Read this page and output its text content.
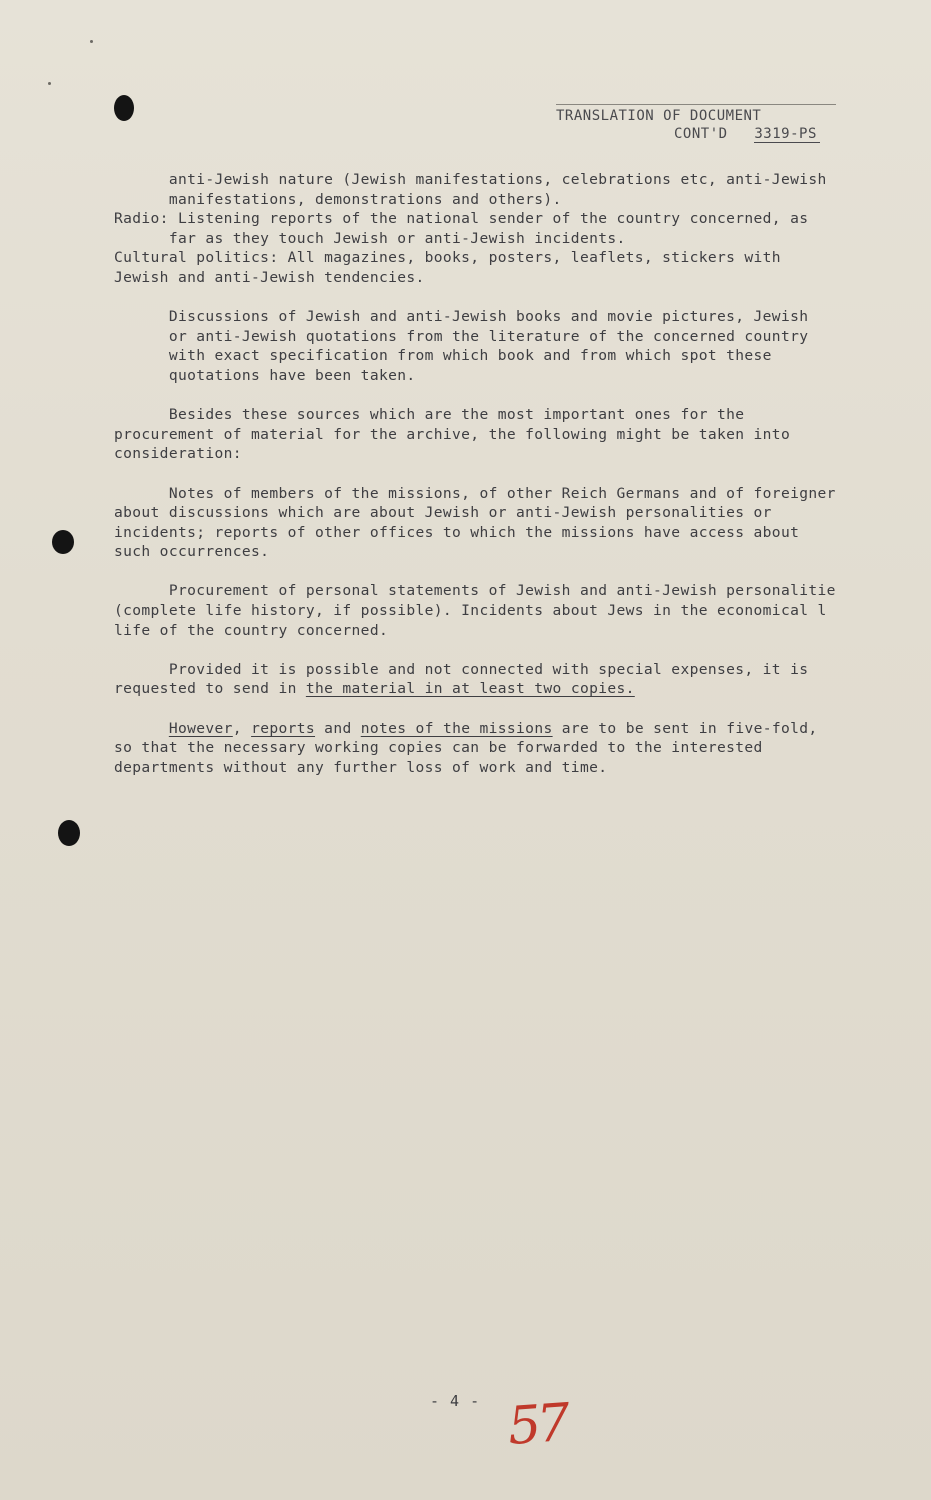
TRANSLATION OF DOCUMENT
CONT'D 3319-PS
anti-Jewish nature (Jewish manifestations, celebrations etc, anti-Jewish
manifestations, demonstrations and others).
Radio: Listening reports of the national sender of the country concerned, as
far as they touch Jewish or anti-Jewish incidents.
Cultural politics: All magazines, books, posters, leaflets, stickers with
Jewish and anti-Jewish tendencies.
Discussions of Jewish and anti-Jewish books and movie pictures, Jewish
or anti-Jewish quotations from the literature of the concerned country
with exact specification from which book and from which spot these
quotations have been taken.
Besides these sources which are the most important ones for the
procurement of material for the archive, the following might be taken into
consideration:
Notes of members of the missions, of other Reich Germans and of foreigner
about discussions which are about Jewish or anti-Jewish personalities or
incidents; reports of other offices to which the missions have access about
such occurrences.
Procurement of personal statements of Jewish and anti-Jewish personalitie
(complete life history, if possible). Incidents about Jews in the economical l
life of the country concerned.
Provided it is possible and not connected with special expenses, it is
requested to send in the material in at least two copies.
However, reports and notes of the missions are to be sent in five-fold,
so that the necessary working copies can be forwarded to the interested
departments without any further loss of work and time.
- 4 - 57
